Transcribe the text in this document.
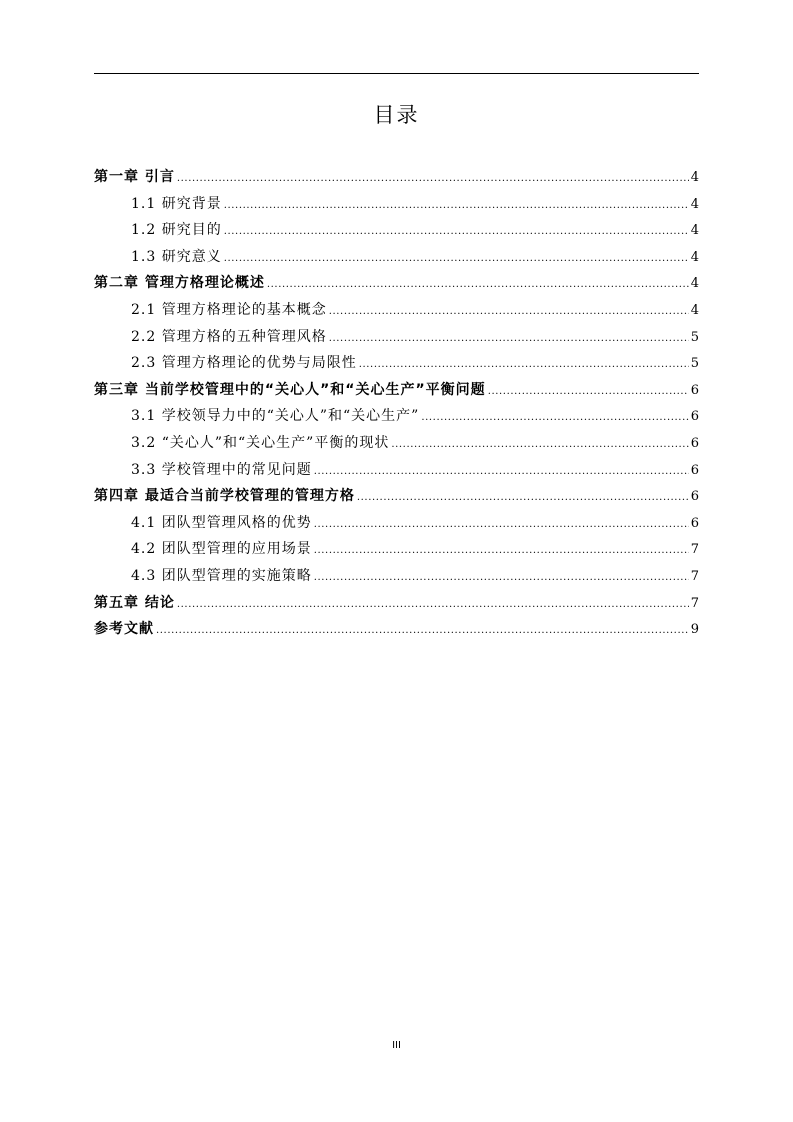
目录
第一章 引言 .....	4
1.1 研究背景 .....	4
1.2 研究目的 .....	4
1.3 研究意义 .....	4
第二章 管理方格理论概述 .....	4
2.1 管理方格理论的基本概念 .....	4
2.2 管理方格的五种管理风格 .....	5
2.3 管理方格理论的优势与局限性 .....	5
第三章 当前学校管理中的“关心人”和“关心生产”平衡问题 .....	6
3.1 学校领导力中的“关心人”和“关心生产” .....	6
3.2 “关心人”和“关心生产”平衡的现状 .....	6
3.3 学校管理中的常见问题 .....	6
第四章 最适合当前学校管理的管理方格 .....	6
4.1 团队型管理风格的优势 .....	6
4.2 团队型管理的应用场景 .....	7
4.3 团队型管理的实施策略 .....	7
第五章 结论 .....	7
参考文献 .....	9
III
